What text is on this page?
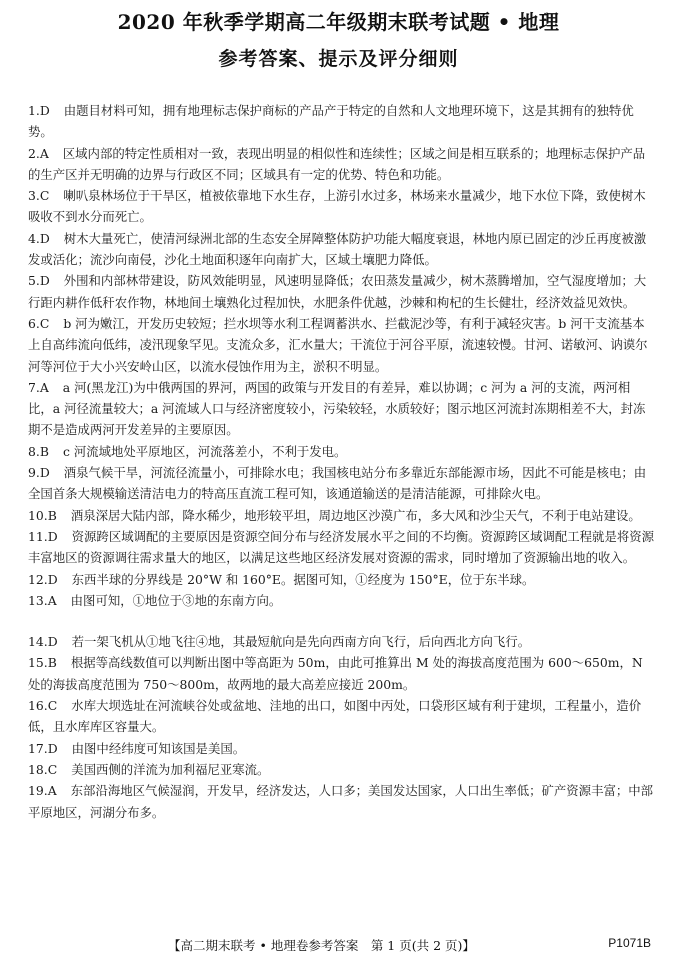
2020 年秋季学期高二年级期末联考试题 • 地理
参考答案、提示及评分细则
1.D 由题目材料可知，拥有地理标志保护商标的产品产于特定的自然和人文地理环境下，这是其拥有的独特优势。
2.A 区域内部的特定性质相对一致，表现出明显的相似性和连续性；区域之间是相互联系的；地理标志保护产品的生产区并无明确的边界与行政区不同；区域具有一定的优势、特色和功能。
3.C 喇叭泉林场位于干旱区，植被依靠地下水生存，上游引水过多，林场来水量减少，地下水位下降，致使树木吸收不到水分而死亡。
4.D 树木大量死亡，使清河绿洲北部的生态安全屏障整体防护功能大幅度衰退，林地内原已固定的沙丘再度被激发或活化；流沙向南侵，沙化土地面积逐年向南扩大，区域土壤肥力降低。
5.D 外围和内部林带建设，防风效能明显，风速明显降低；农田蒸发量减少，树木蒸腾增加，空气湿度增加；大行距内耕作低秆农作物，林地间土壤熟化过程加快，水肥条件优越，沙棘和枸杞的生长健壮，经济效益见效快。
6.C b 河为嫩江，开发历史较短；拦水坝等水利工程调蓄洪水、拦截泥沙等，有利于减轻灾害。b 河干支流基本上自高纬流向低纬，凌汛现象罕见。支流众多，汇水量大；干流位于河谷平原，流速较慢。甘河、诺敏河、讷谟尔河等河位于大小兴安岭山区，以流水侵蚀作用为主，淤积不明显。
7.A a 河(黑龙江)为中俄两国的界河，两国的政策与开发目的有差异，难以协调；c 河为 a 河的支流，两河相比，a 河径流量较大；a 河流域人口与经济密度较小，污染较轻，水质较好；图示地区河流封冻期相差不大，封冻期不是造成两河开发差异的主要原因。
8.B c 河流域地处平原地区，河流落差小，不利于发电。
9.D 酒泉气候干旱，河流径流量小，可排除水电；我国核电站分布多靠近东部能源市场，因此不可能是核电；由全国首条大规模输送清洁电力的特高压直流工程可知，该通道输送的是清洁能源，可排除火电。
10.B 酒泉深居大陆内部，降水稀少，地形较平坦，周边地区沙漠广布，多大风和沙尘天气，不利于电站建设。
11.D 资源跨区域调配的主要原因是资源空间分布与经济发展水平之间的不均衡。资源跨区域调配工程就是将资源丰富地区的资源调往需求量大的地区，以满足这些地区经济发展对资源的需求，同时增加了资源输出地的收入。
12.D 东西半球的分界线是 20°W 和 160°E。据图可知，①经度为 150°E，位于东半球。
13.A 由图可知，①地位于③地的东南方向。
14.D 若一架飞机从①地飞往④地，其最短航向是先向西南方向飞行，后向西北方向飞行。
15.B 根据等高线数值可以判断出图中等高距为 50m，由此可推算出 M 处的海拔高度范围为 600～650m，N 处的海拔高度范围为 750～800m，故两地的最大高差应接近 200m。
16.C 水库大坝选址在河流峡谷处或盆地、洼地的出口，如图中丙处，口袋形区域有利于建坝，工程量小，造价低，且水库库区容量大。
17.D 由图中经纬度可知该国是美国。
18.C 美国西侧的洋流为加利福尼亚寒流。
19.A 东部沿海地区气候湿润，开发早，经济发达，人口多；美国发达国家，人口出生率低；矿产资源丰富；中部平原地区，河湖分布多。
【高二期末联考 • 地理卷参考答案　第 1 页(共 2 页)】	P1071B
